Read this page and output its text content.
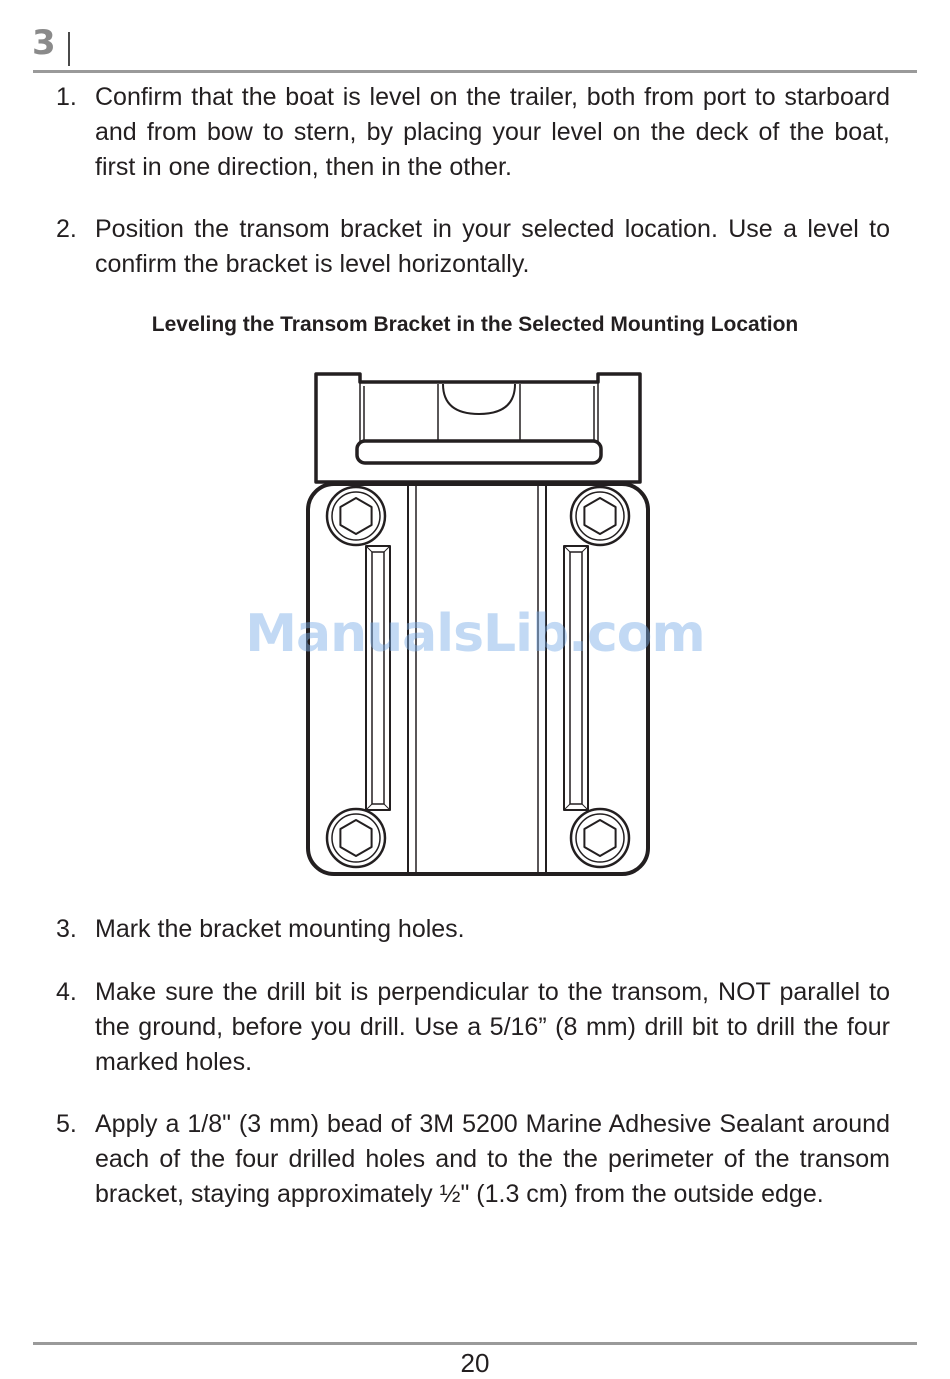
3
1. Confirm that the boat is level on the trailer, both from port to starboard and from bow to stern, by placing your level on the deck of the boat, first in one direction, then in the other.
2. Position the transom bracket in your selected location. Use a level to confirm the bracket is level horizontally.
3. Mark the bracket mounting holes.
4. Make sure the drill bit is perpendicular to the transom, NOT parallel to the ground, before you drill. Use a 5/16” (8 mm) drill bit to drill the four marked holes.
5. Apply a 1/8" (3 mm) bead of 3M 5200 Marine Adhesive Sealant around each of the four drilled holes and to the the perimeter of the transom bracket, staying approximately ½" (1.3 cm) from the outside edge.
Leveling the Transom Bracket in the Selected Mounting Location
ManualsLib.com
20
